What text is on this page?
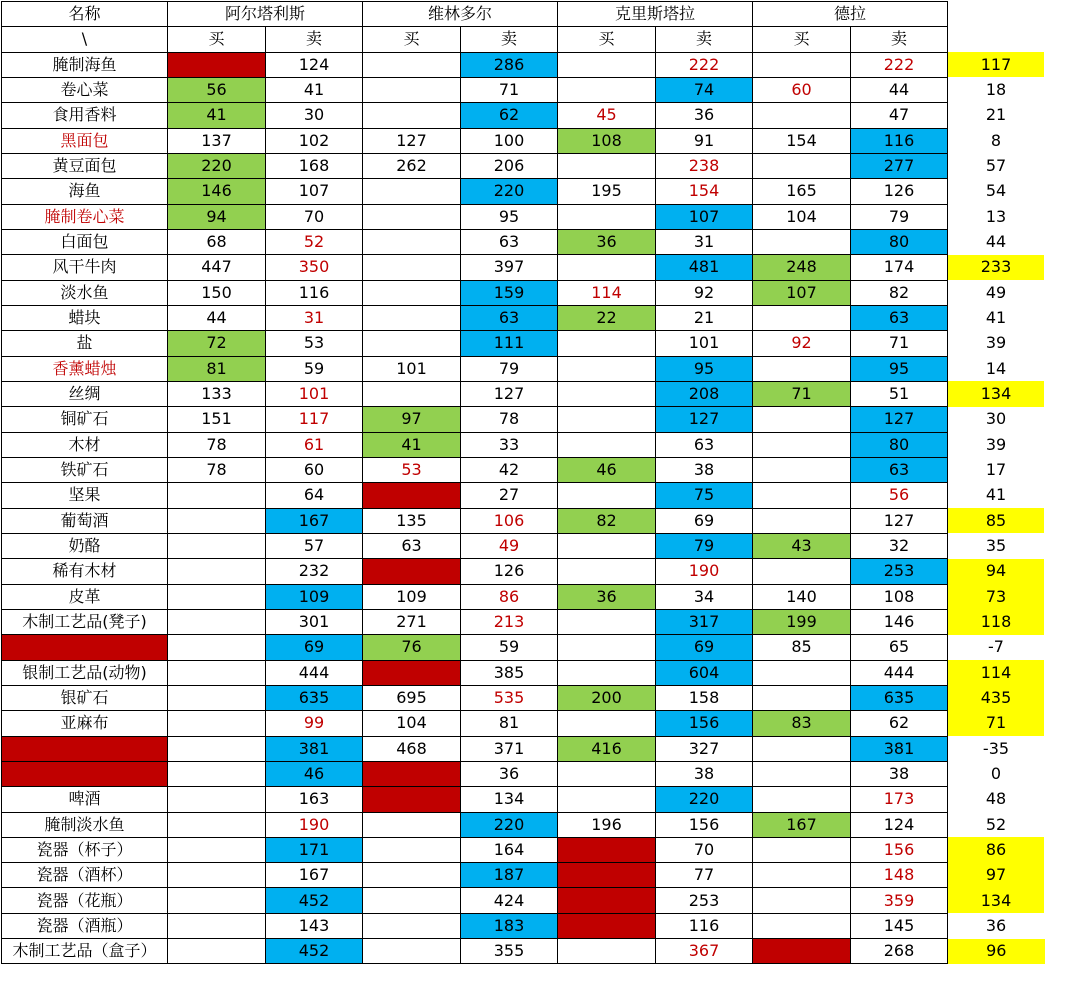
名称	阿尔塔利斯		维林多尔		克里斯塔拉		德拉		
\	买	卖	买	卖	买	卖	买	卖	
腌制海鱼	169	124		286		222		222	117
卷心菜	56	41		71		74	60	44	18
食用香料	41	30		62	45	36		47	21
黑面包	137	102	127	100	108	91	154	116	8
黄豆面包	220	168	262	206		238		277	57
海鱼	146	107		220	195	154	165	126	54
腌制卷心菜	94	70		95		107	104	79	13
白面包	68	52		63	36	31		80	44
风干牛肉	447	350		397		481	248	174	233
淡水鱼	150	116		159	114	92	107	82	49
蜡块	44	31		63	22	21		63	41
盐	72	53		111		101	92	71	39
香薰蜡烛	81	59	101	79		95		95	14
丝绸	133	101		127		208	71	51	134
铜矿石	151	117	97	78		127		127	30
木材	78	61	41	33		63		80	39
铁矿石	78	60	53	42	46	38		63	17
坚果		64	34	27		75		56	41
葡萄酒		167	135	106	82	69		127	85
奶酪		57	63	49		79	43	32	35
稀有木材		232	159	126		190		253	94
皮革		109	109	86	36	34	140	108	73
木制工艺品(凳子)		301	271	213		317	199	146	118
羊毛		69	76	59		69	85	65	-7
银制工艺品(动物)		444	490	385		604		444	114
银矿石		635	695	535	200	158		635	435
亚麻布		99	104	81		156	83	62	71
银制工艺品(牛头)		381	468	371	416	327		381	-35
苹果		46	46	36		38		38	0
啤酒		163	172	134		220		173	48
腌制淡水鱼		190		220	196	156	167	124	52
瓷器（杯子）		171		164	85	70		156	86
瓷器（酒杯）		167		187	90	77		148	97
瓷器（花瓶）		452		424	318	253		359	134
瓷器（酒瓶）		143		183	147	116		145	36
木制工艺品（盒子）		452		355		367	350	268	96
